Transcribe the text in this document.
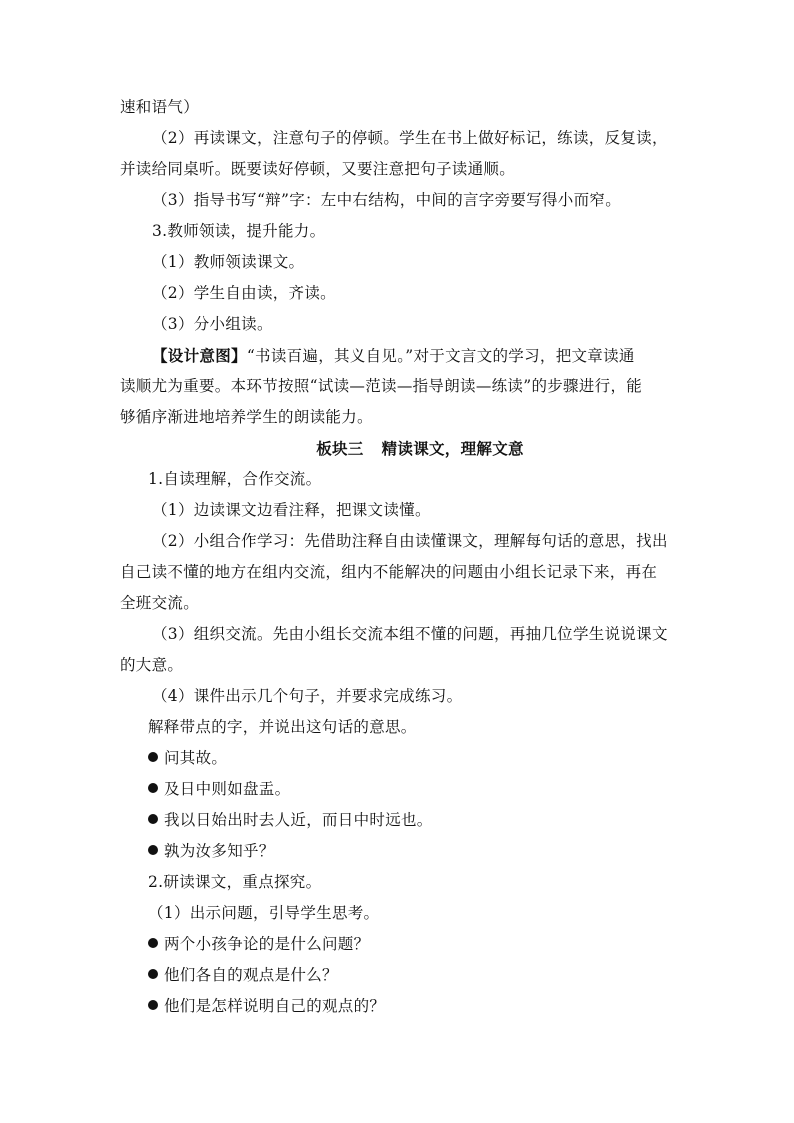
速和语气）
（2）再读课文，注意句子的停顿。学生在书上做好标记，练读，反复读，
并读给同桌听。既要读好停顿，又要注意把句子读通顺。
（3）指导书写“辩”字：左中右结构，中间的言字旁要写得小而窄。
3.教师领读，提升能力。
（1）教师领读课文。
（2）学生自由读，齐读。
（3）分小组读。
【设计意图】“书读百遍，其义自见。”对于文言文的学习，把文章读通
读顺尤为重要。本环节按照“试读—范读—指导朗读—练读”的步骤进行，能
够循序渐进地培养学生的朗读能力。
板块三 精读课文，理解文意
1.自读理解，合作交流。
（1）边读课文边看注释，把课文读懂。
（2）小组合作学习：先借助注释自由读懂课文，理解每句话的意思，找出
自己读不懂的地方在组内交流，组内不能解决的问题由小组长记录下来，再在
全班交流。
（3）组织交流。先由小组长交流本组不懂的问题，再抽几位学生说说课文
的大意。
（4）课件出示几个句子，并要求完成练习。
解释带点的字，并说出这句话的意思。
问其故。
及日中则如盘盂。
我以日始出时去人近，而日中时远也。
孰为汝多知乎？
2.研读课文，重点探究。
（1）出示问题，引导学生思考。
两个小孩争论的是什么问题？
他们各自的观点是什么？
他们是怎样说明自己的观点的？
